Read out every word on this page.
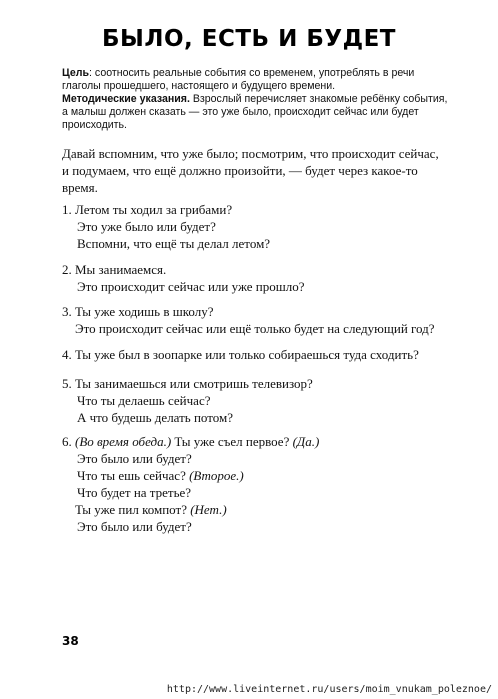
БЫЛО, ЕСТЬ И БУДЕТ

Цель: соотносить реальные события со временем, употреблять в речи глаголы прошедшего, настоящего и будущего времени.

Методические указания. Взрослый перечисляет знакомые ребёнку события, а малыш должен сказать — это уже было, происходит сейчас или будет происходить.

Давай вспомним, что уже было; посмотрим, что происходит сейчас,
и подумаем, что ещё должно произойти, — будет через какое-то
время.
1. Летом ты ходил за грибами?
Это уже было или будет?
Вспомни, что ещё ты делал летом?
2. Мы занимаемся.
Это происходит сейчас или уже прошло?
3. Ты уже ходишь в школу?
Это происходит сейчас или ещё только будет на следующий год?
4. Ты уже был в зоопарке или только собираешься туда сходить?
5. Ты занимаешься или смотришь телевизор?
Что ты делаешь сейчас?
А что будешь делать потом?
6. (Во время обеда.) Ты уже съел первое? (Да.)
Это было или будет?
Что ты ешь сейчас? (Второе.)
Что будет на третье?
Ты уже пил компот? (Нет.)
Это было или будет?
38
http://www.liveinternet.ru/users/moim_vnukam_poleznoe/
